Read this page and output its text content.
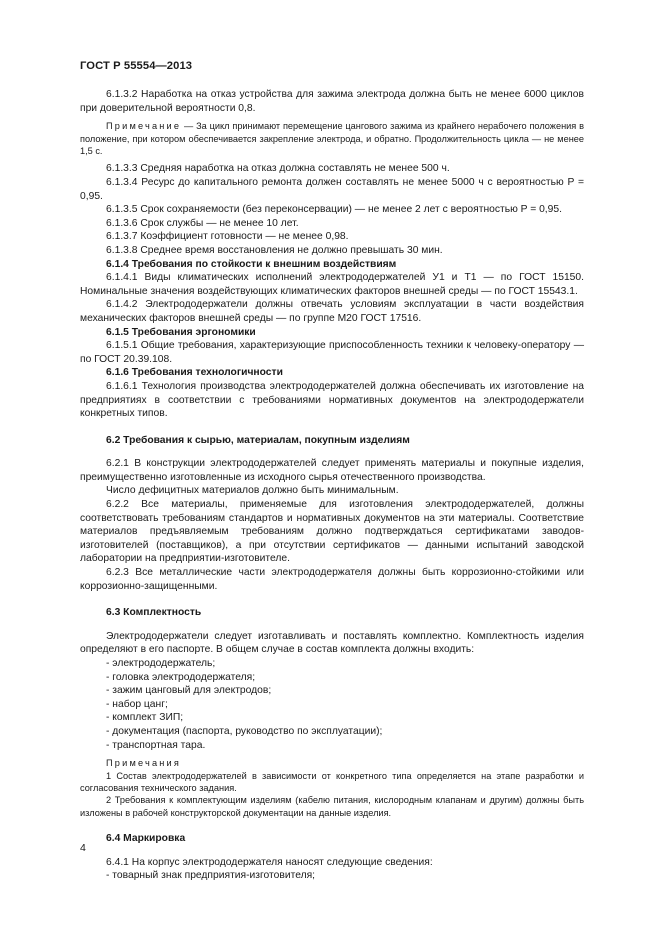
ГОСТ Р 55554—2013

6.1.3.2 Наработка на отказ устройства для зажима электрода должна быть не менее 6000 циклов при доверительной вероятности 0,8.

Примечание — За цикл принимают перемещение цангового зажима из крайнего нерабочего положения в положение, при котором обеспечивается закрепление электрода, и обратно. Продолжительность цикла — не менее 1,5 с.

6.1.3.3 Средняя наработка на отказ должна составлять не менее 500 ч.

6.1.3.4 Ресурс до капитального ремонта должен составлять не менее 5000 ч с вероятностью P = 0,95.

6.1.3.5 Срок сохраняемости (без переконсервации) — не менее 2 лет с вероятностью P = 0,95.

6.1.3.6 Срок службы — не менее 10 лет.

6.1.3.7 Коэффициент готовности — не менее 0,98.

6.1.3.8 Среднее время восстановления не должно превышать 30 мин.

6.1.4 Требования по стойкости к внешним воздействиям

6.1.4.1 Виды климатических исполнений электрододержателей У1 и Т1 — по ГОСТ 15150. Номинальные значения воздействующих климатических факторов внешней среды — по ГОСТ 15543.1.

6.1.4.2 Электрододержатели должны отвечать условиям эксплуатации в части воздействия механических факторов внешней среды — по группе М20 ГОСТ 17516.

6.1.5 Требования эргономики

6.1.5.1 Общие требования, характеризующие приспособленность техники к человеку-оператору — по ГОСТ 20.39.108.

6.1.6 Требования технологичности

6.1.6.1 Технология производства электрододержателей должна обеспечивать их изготовление на предприятиях в соответствии с требованиями нормативных документов на электрододержатели конкретных типов.

6.2 Требования к сырью, материалам, покупным изделиям

6.2.1 В конструкции электрододержателей следует применять материалы и покупные изделия, преимущественно изготовленные из исходного сырья отечественного производства.

Число дефицитных материалов должно быть минимальным.

6.2.2 Все материалы, применяемые для изготовления электрододержателей, должны соответствовать требованиям стандартов и нормативных документов на эти материалы. Соответствие материалов предъявляемым требованиям должно подтверждаться сертификатами заводов-изготовителей (поставщиков), а при отсутствии сертификатов — данными испытаний заводской лаборатории на предприятии-изготовителе.

6.2.3 Все металлические части электрододержателя должны быть коррозионно-стойкими или коррозионно-защищенными.

6.3 Комплектность

Электрододержатели следует изготавливать и поставлять комплектно. Комплектность изделия определяют в его паспорте. В общем случае в состав комплекта должны входить:

- электрододержатель;

- головка электрододержателя;

- зажим цанговый для электродов;

- набор цанг;

- комплект ЗИП;

- документация (паспорта, руководство по эксплуатации);

- транспортная тара.

Примечания

1 Состав электрододержателей в зависимости от конкретного типа определяется на этапе разработки и согласования технического задания.

2 Требования к комплектующим изделиям (кабелю питания, кислородным клапанам и другим) должны быть изложены в рабочей конструкторской документации на данные изделия.

6.4 Маркировка

6.4.1 На корпус электрододержателя наносят следующие сведения:

- товарный знак предприятия-изготовителя;

4
